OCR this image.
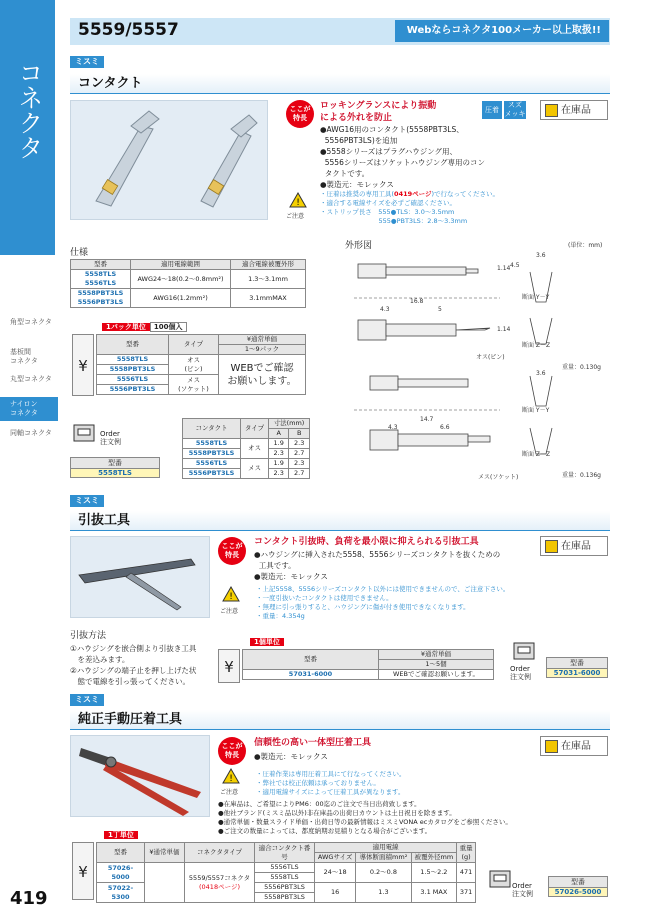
コネクタ
角型コネクタ
基板間
コネクタ
丸型コネクタ
ナイロン
コネクタ
同軸コネクタ
419
5559/5557	Webならコネクタ100メーカー以上取扱!!
ミスミ
コンタクト
ここが
特長
ロッキングランスにより振動
による外れを防止
圧着
スズ
メッキ	在庫品
●AWG16用のコンタクト(5558PBT3LS、
5556PBT3LS)を追加
●5558シリーズはプラグハウジング用、
5556シリーズはソケットハウジング専用のコン
タクトです。
●製造元：モレックス
!
ご注意
・圧着は推奨の専用工具(0419ページ)で行なってください。
・適合する電線サイズを必ずご確認ください。
・ストリップ長さ　555●TLS：3.0〜3.5mm
　　　　　　　　　555●PBT3LS：2.8〜3.3mm
仕様
型番	適用電線範囲	適合電線被覆外形

5558TLS
5556TLS	AWG24〜18(0.2〜0.8mm²)	1.3〜3.1mm

5558PBT3LS
5556PBT3LS	AWG16(1.2mm²)	3.1mmMAX
1パック単位 100個入
¥
型番	タイプ	¥通常単価
		1〜9パック
5558TLS	オス
(ピン)	WEBでご確認
お願いします。
5558PBT3LS		
5556TLS	メス
(ソケット)	
5556PBT3LS		
Order
注文例
型番
5558TLS
コンタクト	タイプ	寸法(mm)	
		A	B
5558TLS	オス	1.9	2.3
5558PBT3LS		2.3	2.7
5556TLS	メス	1.9	2.3
5556PBT3LS		2.3	2.7
外形図	(単位：mm)
16.8
4.3	5
1.14 4.5
3.6
14.7
4.3	6.6
1.14
3.6
断面 Y－Y
断面 Z－Z
断面 Y－Y
断面 Z－Z
オス(ピン)
メス(ソケット)
重量：0.130g
重量：0.136g
ミスミ
引抜工具
ここが
特長
コンタクト引抜時、負荷を最小限に抑えられる引抜工具	在庫品
●ハウジングに挿入された5558、5556シリーズコンタクトを抜くための
工具です。
●製造元：モレックス
!
ご注意
・上記5558、5556シリーズコンタクト以外には使用できませんので、ご注意下さい。
・一度引抜いたコンタクトは使用できません。
・無理に引っ張りすると、ハウジングに傷が付き使用できなくなります。
・重量：4.354g
引抜方法
①ハウジングを嵌合側より引抜き工具
　を差込みます。
②ハウジングの端子止を押し上げた状
　態で電線を引っ張ってください。
1個単位
¥	型番	¥通常単価
	1〜5個
57031-6000	WEBでご確認お願いします。
Order
注文例
型番
57031-6000
ミスミ
純正手動圧着工具
ここが
特長
信頼性の高い一体型圧着工具	在庫品
●製造元：モレックス
!
ご注意
・圧着作業は専用圧着工具にて行なってください。
・弊社では校正依頼は承っておりません。
・適用電線サイズによって圧着工具が異なります。
●在庫品は、ご希望によりPM6：00迄のご注文で当日出荷致します。
●他社ブランド(ミスミ品以外)非在庫品の出荷日カウントは土日祝日を除きます。
●通常単価・数量スライド単価・出荷日等の最新情報はミスミVONA ecカタログをご参照ください。
●ご注文の数量によっては、都度納期お見積りとなる場合がございます。
1丁単位
¥
型番	¥通常単価	コネクタタイプ	適合コンタクト番号	適用電線			重量
(g)
				AWGサイズ	導体断面積mm²	被覆外径mm	
57026-5000		5559/5557コネクタ
(0418ページ)	5556TLS	24〜18	0.2〜0.8	1.5〜2.2	471
			5558TLS				
57022-5300			5556PBT3LS	16	1.3	3.1 MAX	371
			5558PBT3LS				
Order
注文例
型番
57026-5000
